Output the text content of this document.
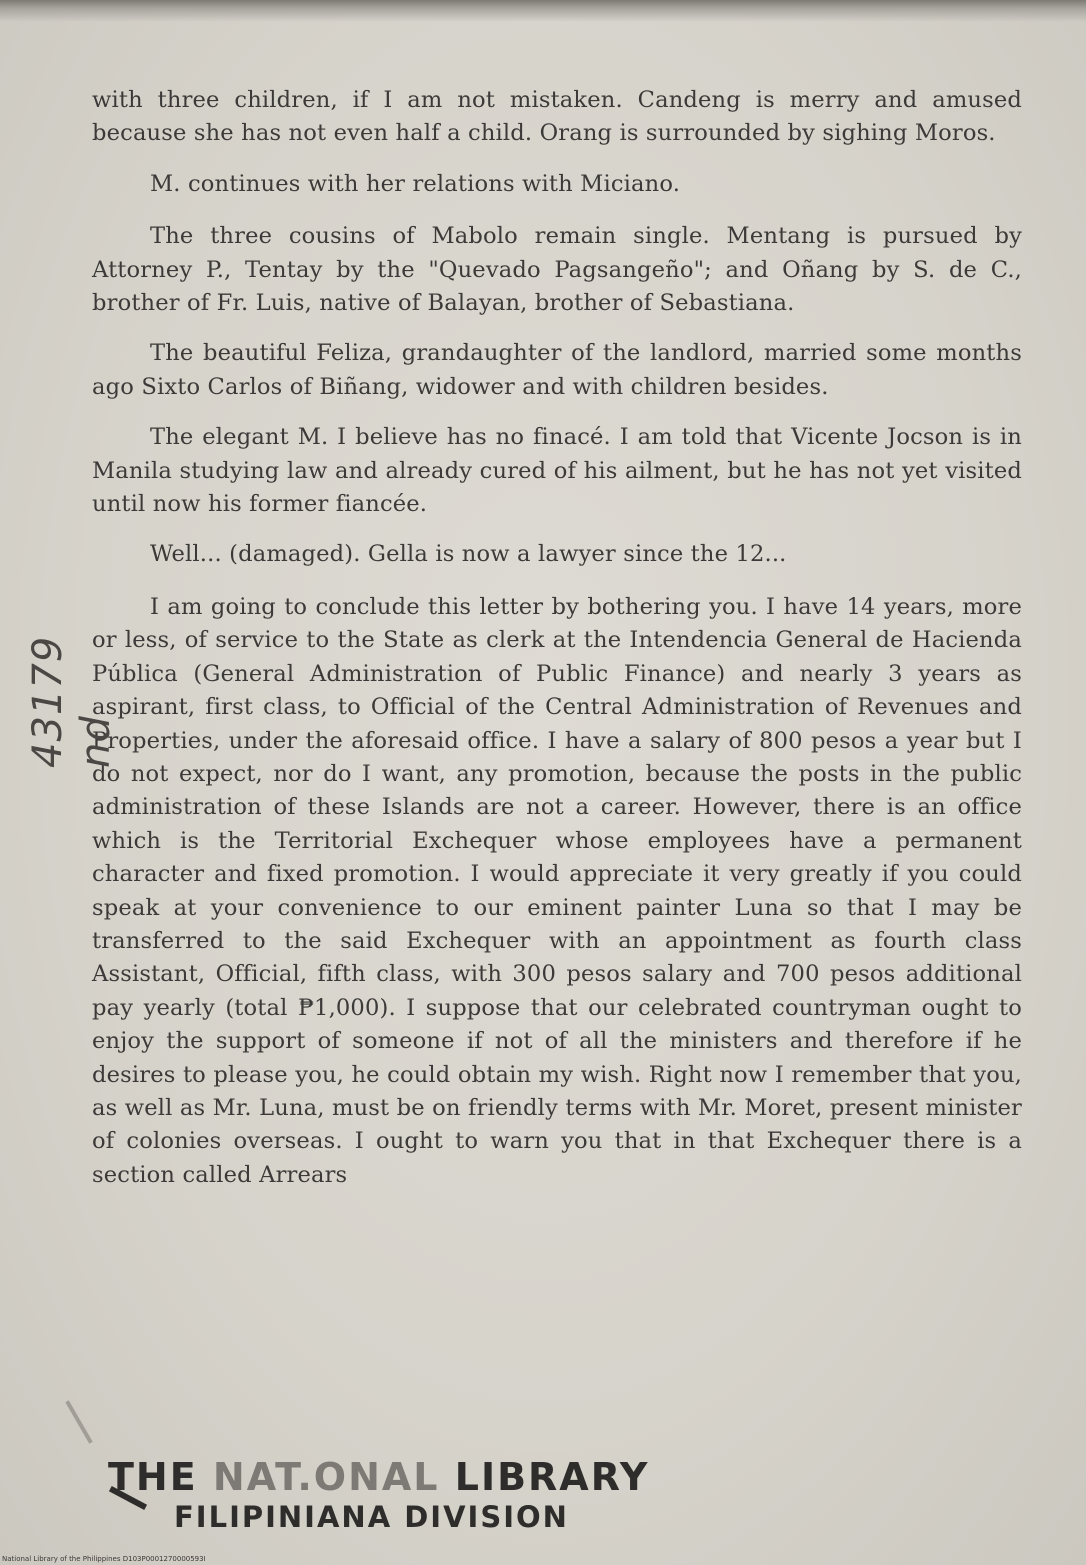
with three children, if I am not mistaken. Candeng is merry and amused because she has not even half a child. Orang is surrounded by sighing Moros.

M. continues with her relations with Miciano.

The three cousins of Mabolo remain single. Mentang is pursued by Attorney P., Tentay by the "Quevado Pagsangeño"; and Oñang by S. de C., brother of Fr. Luis, native of Balayan, brother of Sebastiana.

The beautiful Feliza, grandaughter of the landlord, married some months ago Sixto Carlos of Biñang, widower and with children besides.

The elegant M. I believe has no finacé. I am told that Vicente Jocson is in Manila studying law and already cured of his ailment, but he has not yet visited until now his former fiancée.

Well... (damaged). Gella is now a lawyer since the 12...

I am going to conclude this letter by bothering you. I have 14 years, more or less, of service to the State as clerk at the Intendencia General de Hacienda Pública (General Administration of Public Finance) and nearly 3 years as aspirant, first class, to Official of the Central Administration of Revenues and Properties, under the aforesaid office. I have a salary of 800 pesos a year but I do not expect, nor do I want, any promotion, because the posts in the public administration of these Islands are not a career. However, there is an office which is the Territorial Exchequer whose employees have a permanent character and fixed promotion. I would appreciate it very greatly if you could speak at your convenience to our eminent painter Luna so that I may be transferred to the said Exchequer with an appointment as fourth class Assistant, Official, fifth class, with 300 pesos salary and 700 pesos additional pay yearly (total ₱1,000). I suppose that our celebrated countryman ought to enjoy the support of someone if not of all the ministers and therefore if he desires to please you, he could obtain my wish. Right now I remember that you, as well as Mr. Luna, must be on friendly terms with Mr. Moret, present minister of colonies overseas. I ought to warn you that in that Exchequer there is a section called Arrears

43179 nd
THE NAT.ONAL LIBRARY
FILIPINIANA DIVISION
National Library of the Philippines D103P0001270000593I
